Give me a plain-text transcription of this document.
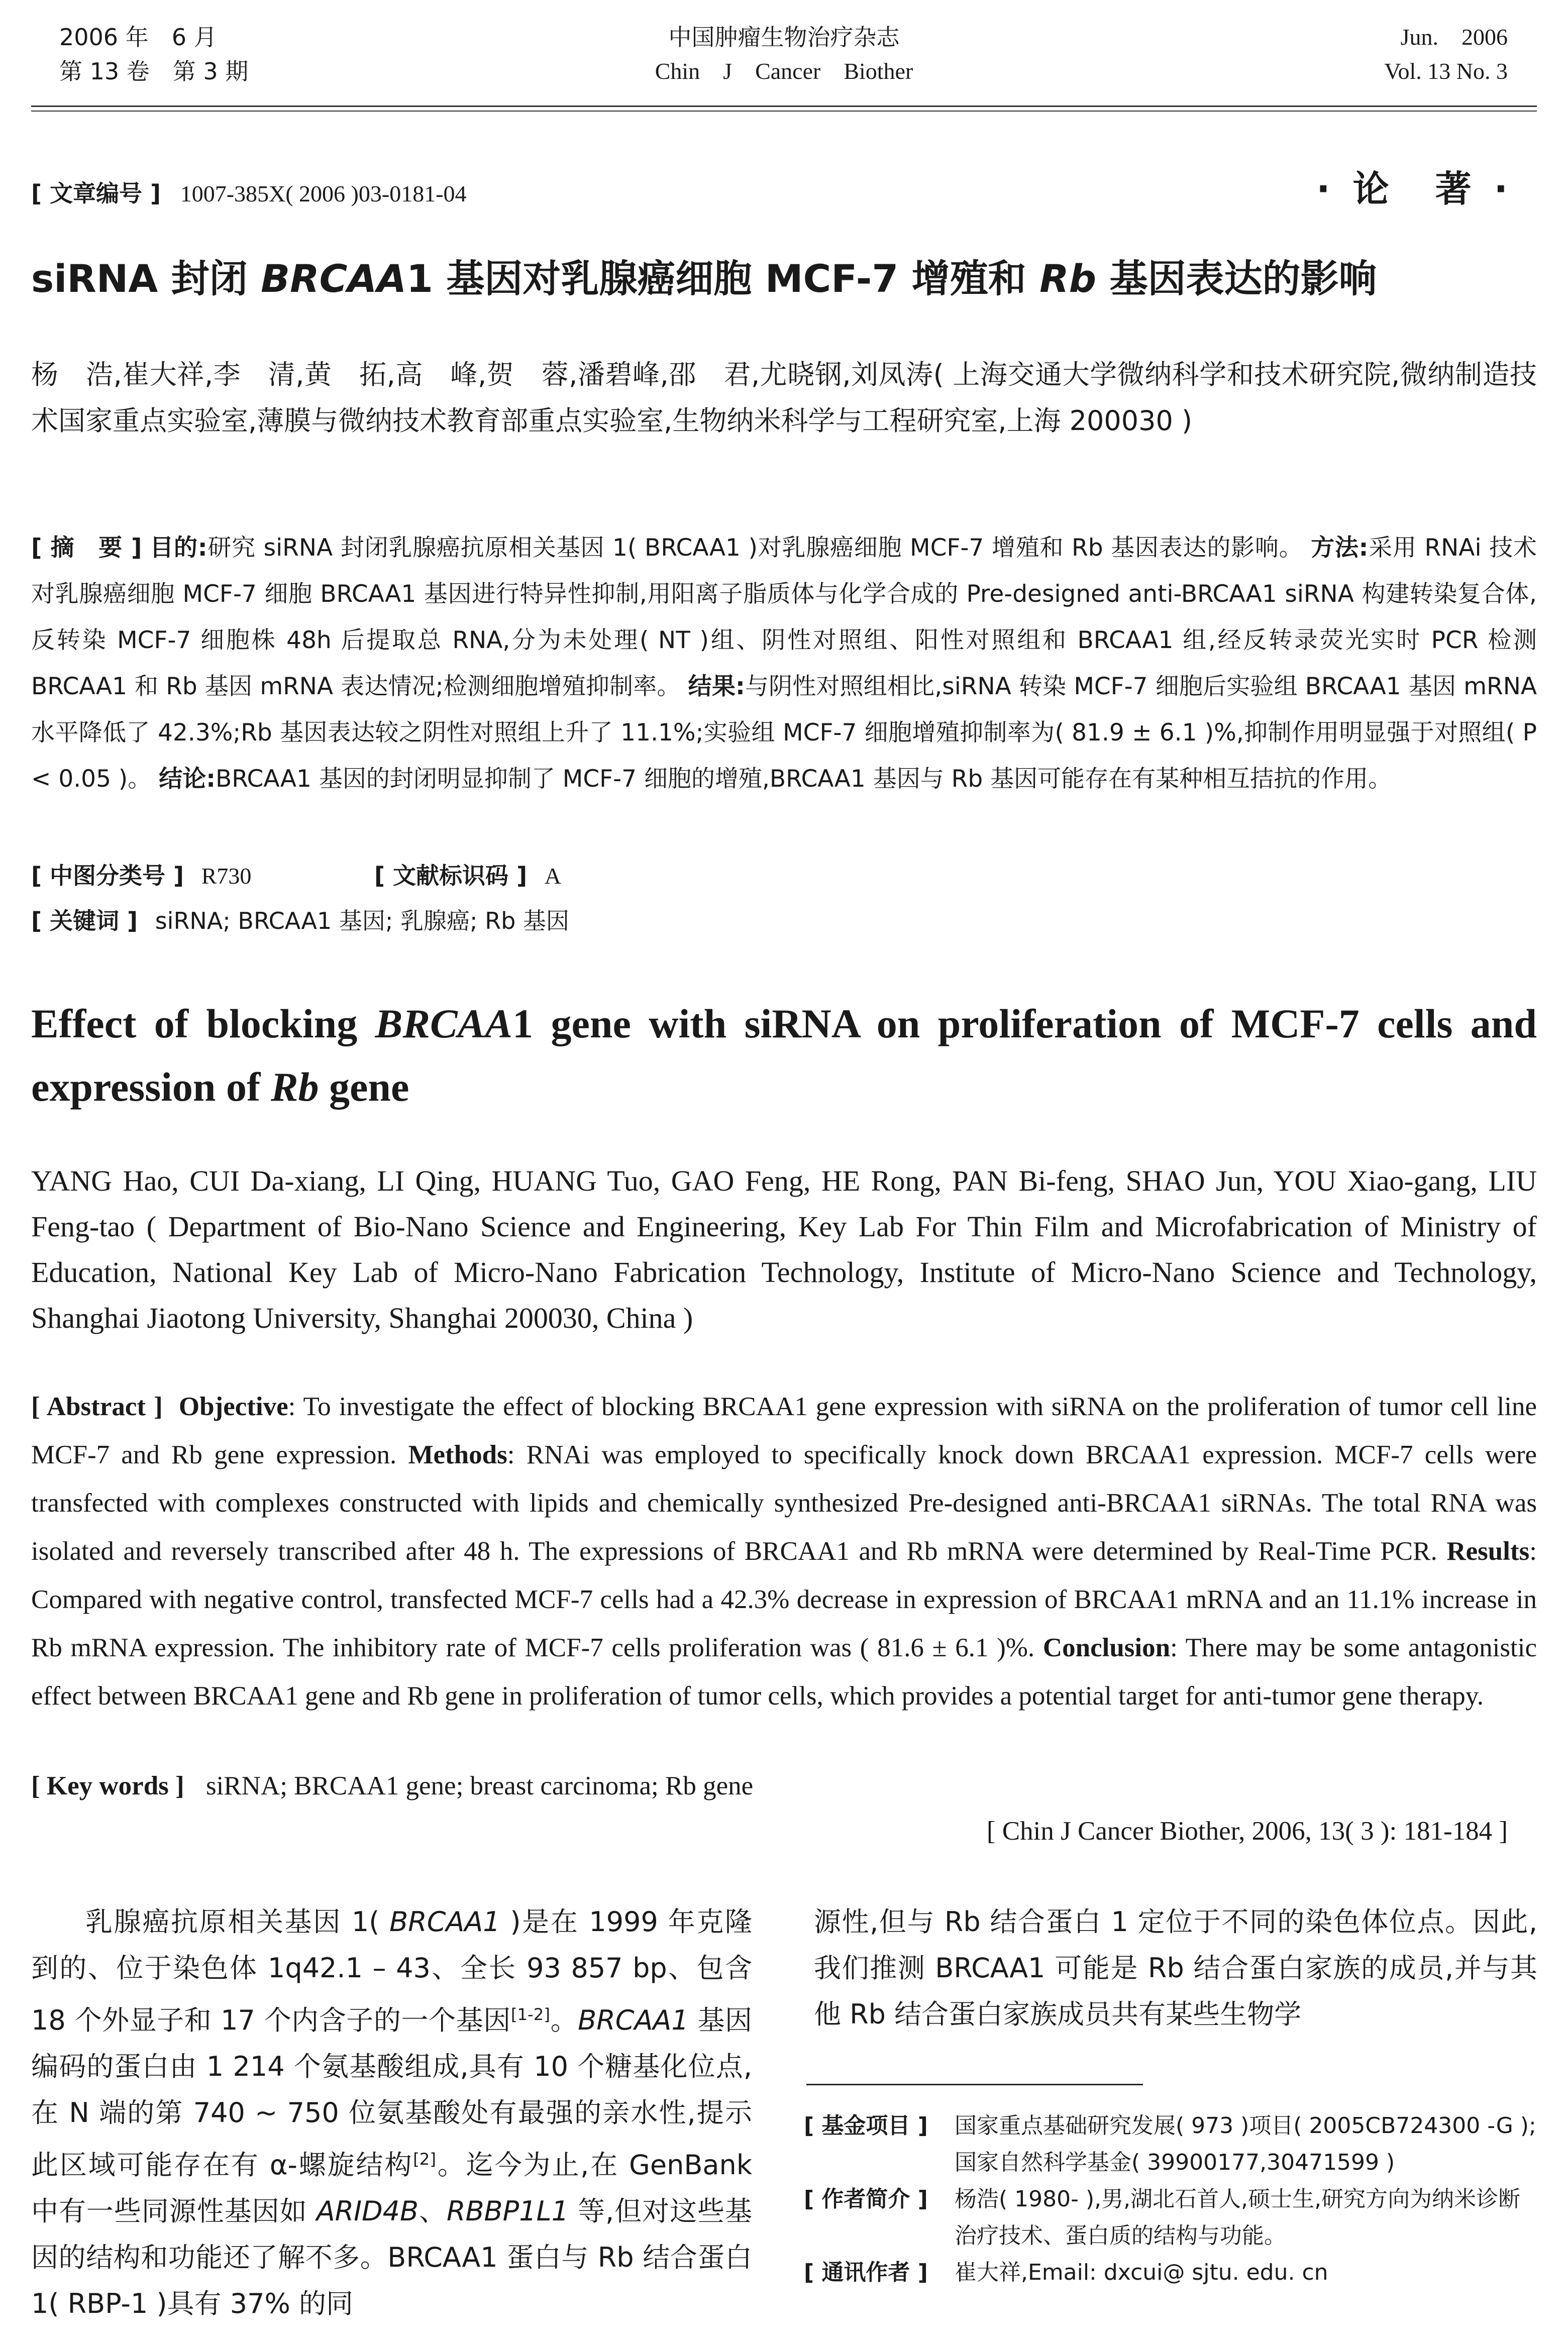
2006 年　6 月
第 13 卷　第 3 期
中国肿瘤生物治疗杂志
Chin　J　Cancer　Biother
Jun.　2006
Vol. 13 No. 3
[ 文章编号 ] 1007-385X( 2006 )03-0181-04	· 论　著 ·
siRNA 封闭 BRCAA1 基因对乳腺癌细胞 MCF-7 增殖和 Rb 基因表达的影响
杨　浩,崔大祥,李　清,黄　拓,高　峰,贺　蓉,潘碧峰,邵　君,尤晓钢,刘凤涛( 上海交通大学微纳科学和技术研究院,微纳制造技术国家重点实验室,薄膜与微纳技术教育部重点实验室,生物纳米科学与工程研究室,上海 200030 )
[ 摘　要 ] 目的:研究 siRNA 封闭乳腺癌抗原相关基因 1( BRCAA1 )对乳腺癌细胞 MCF-7 增殖和 Rb 基因表达的影响。 方法:采用 RNAi 技术对乳腺癌细胞 MCF-7 细胞 BRCAA1 基因进行特异性抑制,用阳离子脂质体与化学合成的 Pre-designed anti-BRCAA1 siRNA 构建转染复合体,反转染 MCF-7 细胞株 48h 后提取总 RNA,分为未处理( NT )组、阴性对照组、阳性对照组和 BRCAA1 组,经反转录荧光实时 PCR 检测 BRCAA1 和 Rb 基因 mRNA 表达情况;检测细胞增殖抑制率。 结果:与阴性对照组相比,siRNA 转染 MCF-7 细胞后实验组 BRCAA1 基因 mRNA 水平降低了 42.3%;Rb 基因表达较之阴性对照组上升了 11.1%;实验组 MCF-7 细胞增殖抑制率为( 81.9 ± 6.1 )%,抑制作用明显强于对照组( P < 0.05 )。 结论:BRCAA1 基因的封闭明显抑制了 MCF-7 细胞的增殖,BRCAA1 基因与 Rb 基因可能存在有某种相互拮抗的作用。
[ 中图分类号 ] R730	[ 文献标识码 ] A
[ 关键词 ] siRNA; BRCAA1 基因; 乳腺癌; Rb 基因
Effect of blocking BRCAA1 gene with siRNA on proliferation of MCF-7 cells and expression of Rb gene
YANG Hao, CUI Da-xiang, LI Qing, HUANG Tuo, GAO Feng, HE Rong, PAN Bi-feng, SHAO Jun, YOU Xiao-gang, LIU Feng-tao ( Department of Bio-Nano Science and Engineering, Key Lab For Thin Film and Microfabrication of Ministry of Education, National Key Lab of Micro-Nano Fabrication Technology, Institute of Micro-Nano Science and Technology, Shanghai Jiaotong University, Shanghai 200030, China )
[ Abstract ] Objective: To investigate the effect of blocking BRCAA1 gene expression with siRNA on the proliferation of tumor cell line MCF-7 and Rb gene expression. Methods: RNAi was employed to specifically knock down BRCAA1 expression. MCF-7 cells were transfected with complexes constructed with lipids and chemically synthesized Pre-designed anti-BRCAA1 siRNAs. The total RNA was isolated and reversely transcribed after 48 h. The expressions of BRCAA1 and Rb mRNA were determined by Real-Time PCR. Results: Compared with negative control, transfected MCF-7 cells had a 42.3% decrease in expression of BRCAA1 mRNA and an 11.1% increase in Rb mRNA expression. The inhibitory rate of MCF-7 cells proliferation was ( 81.6 ± 6.1 )%. Conclusion: There may be some antagonistic effect between BRCAA1 gene and Rb gene in proliferation of tumor cells, which provides a potential target for anti-tumor gene therapy.
[ Key words ] siRNA; BRCAA1 gene; breast carcinoma; Rb gene
[ Chin J Cancer Biother, 2006, 13( 3 ): 181-184 ]
乳腺癌抗原相关基因 1( BRCAA1 )是在 1999 年克隆到的、位于染色体 1q42.1 – 43、全长 93 857 bp、包含 18 个外显子和 17 个内含子的一个基因[1-2]。BRCAA1 基因编码的蛋白由 1 214 个氨基酸组成,具有 10 个糖基化位点,在 N 端的第 740 ~ 750 位氨基酸处有最强的亲水性,提示此区域可能存在有 α-螺旋结构[2]。迄今为止,在 GenBank 中有一些同源性基因如 ARID4B、RBBP1L1 等,但对这些基因的结构和功能还了解不多。BRCAA1 蛋白与 Rb 结合蛋白 1( RBP-1 )具有 37% 的同
源性,但与 Rb 结合蛋白 1 定位于不同的染色体位点。因此,我们推测 BRCAA1 可能是 Rb 结合蛋白家族的成员,并与其他 Rb 结合蛋白家族成员共有某些生物学
[ 基金项目 ]	国家重点基础研究发展( 973 )项目( 2005CB724300 -G );国家自然科学基金( 39900177,30471599 )
[ 作者简介 ]	杨浩( 1980- ),男,湖北石首人,硕士生,研究方向为纳米诊断治疗技术、蛋白质的结构与功能。
[ 通讯作者 ]	崔大祥,Email: dxcui@ sjtu. edu. cn
